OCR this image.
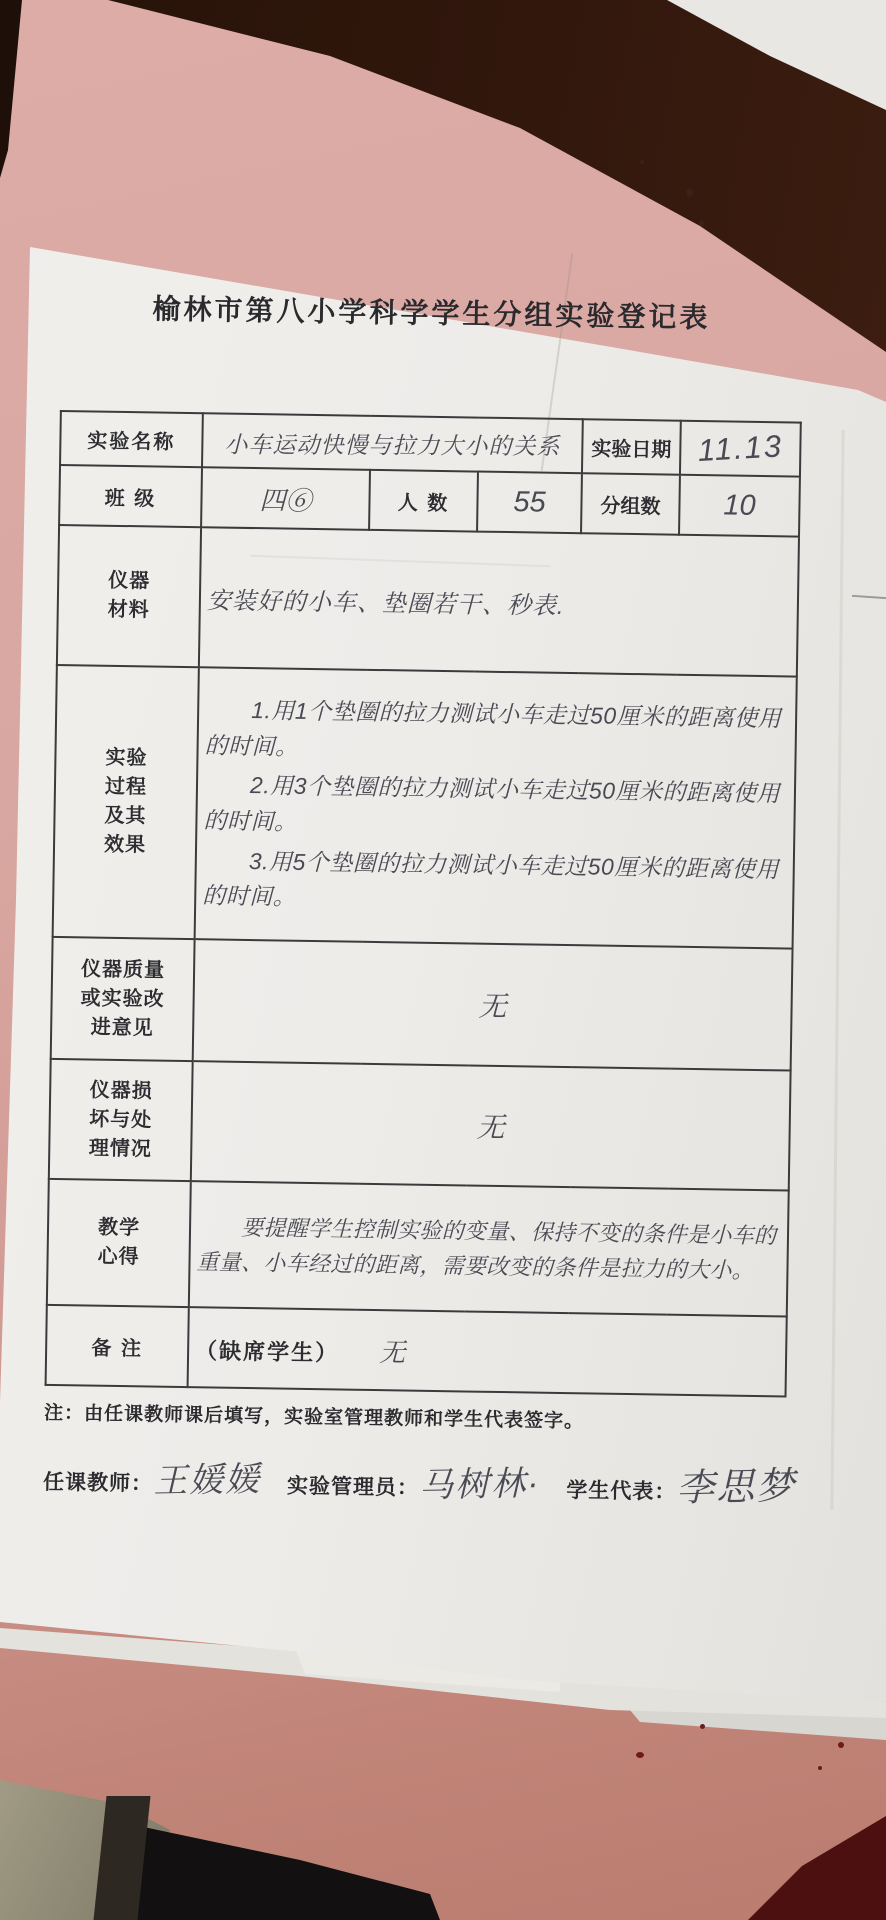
榆林市第八小学科学学生分组实验登记表
实验名称	小车运动快慢与拉力大小的关系			实验日期	11.13
班 级	四⑥	人 数	55	分组数	10
仪器材料	安装好的小车、垫圈若干、秒表.				
实验过程及其效果	1.用1个垫圈的拉力测试小车走过50厘米的距离使用的时间。
2.用3个垫圈的拉力测试小车走过50厘米的距离使用的时间。
3.用5个垫圈的拉力测试小车走过50厘米的距离使用的时间。				

仪器质量或实验改进意见	无				
仪器损坏与处理情况	无				
教学心得	要提醒学生控制实验的变量、保持不变的条件是小车的重量、小车经过的距离，需要改变的条件是拉力的大小。				
备 注	（缺席学生） 无				
注：由任课教师课后填写，实验室管理教师和学生代表签字。
任课教师： 王媛媛 实验管理员： 马树林· 学生代表： 李思梦
